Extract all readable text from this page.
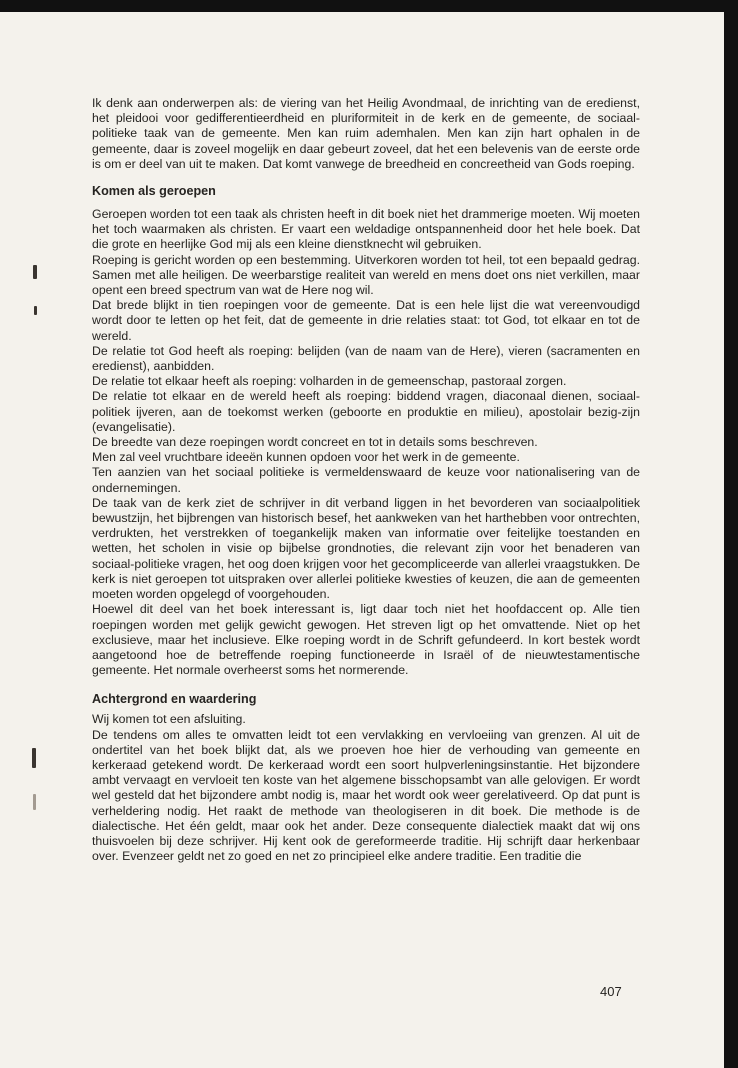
Ik denk aan onderwerpen als: de viering van het Heilig Avondmaal, de inrichting van de eredienst, het pleidooi voor gedifferentieerdheid en pluriformiteit in de kerk en de gemeente, de sociaal-politieke taak van de gemeente. Men kan ruim ademhalen. Men kan zijn hart ophalen in de gemeente, daar is zoveel mogelijk en daar gebeurt zoveel, dat het een belevenis van de eerste orde is om er deel van uit te maken. Dat komt vanwege de breedheid en concreetheid van Gods roeping.

Komen als geroepen

Geroepen worden tot een taak als christen heeft in dit boek niet het drammerige moeten. Wij moeten het toch waarmaken als christen. Er vaart een weldadige ontspannenheid door het hele boek. Dat die grote en heerlijke God mij als een kleine dienstknecht wil gebruiken.

Roeping is gericht worden op een bestemming. Uitverkoren worden tot heil, tot een bepaald gedrag. Samen met alle heiligen. De weerbarstige realiteit van wereld en mens doet ons niet verkillen, maar opent een breed spectrum van wat de Here nog wil.

Dat brede blijkt in tien roepingen voor de gemeente. Dat is een hele lijst die wat vereenvoudigd wordt door te letten op het feit, dat de gemeente in drie relaties staat: tot God, tot elkaar en tot de wereld.

De relatie tot God heeft als roeping: belijden (van de naam van de Here), vieren (sacramenten en eredienst), aanbidden.

De relatie tot elkaar heeft als roeping: volharden in de gemeenschap, pastoraal zorgen.

De relatie tot elkaar en de wereld heeft als roeping: biddend vragen, diaconaal dienen, sociaal-politiek ijveren, aan de toekomst werken (geboorte en produktie en milieu), apostolair bezig-zijn (evangelisatie).

De breedte van deze roepingen wordt concreet en tot in details soms beschreven.

Men zal veel vruchtbare ideeën kunnen opdoen voor het werk in de gemeente.

Ten aanzien van het sociaal politieke is vermeldenswaard de keuze voor nationalisering van de ondernemingen.

De taak van de kerk ziet de schrijver in dit verband liggen in het bevorderen van sociaalpolitiek bewustzijn, het bijbrengen van historisch besef, het aankweken van het harthebben voor ontrechten, verdrukten, het verstrekken of toegankelijk maken van informatie over feitelijke toestanden en wetten, het scholen in visie op bijbelse grondnoties, die relevant zijn voor het benaderen van sociaal-politieke vragen, het oog doen krijgen voor het gecompliceerde van allerlei vraagstukken. De kerk is niet geroepen tot uitspraken over allerlei politieke kwesties of keuzen, die aan de gemeenten moeten worden opgelegd of voorgehouden.

Hoewel dit deel van het boek interessant is, ligt daar toch niet het hoofdaccent op. Alle tien roepingen worden met gelijk gewicht gewogen. Het streven ligt op het omvattende. Niet op het exclusieve, maar het inclusieve. Elke roeping wordt in de Schrift gefundeerd. In kort bestek wordt aangetoond hoe de betreffende roeping functioneerde in Israël of de nieuwtestamentische gemeente. Het normale overheerst soms het normerende.

Achtergrond en waardering

Wij komen tot een afsluiting.

De tendens om alles te omvatten leidt tot een vervlakking en vervloeiing van grenzen. Al uit de ondertitel van het boek blijkt dat, als we proeven hoe hier de verhouding van gemeente en kerkeraad getekend wordt. De kerkeraad wordt een soort hulpverleningsinstantie. Het bijzondere ambt vervaagt en vervloeit ten koste van het algemene bisschopsambt van alle gelovigen. Er wordt wel gesteld dat het bijzondere ambt nodig is, maar het wordt ook weer gerelativeerd. Op dat punt is verheldering nodig. Het raakt de methode van theologiseren in dit boek. Die methode is de dialectische. Het één geldt, maar ook het ander. Deze consequente dialectiek maakt dat wij ons thuisvoelen bij deze schrijver. Hij kent ook de gereformeerde traditie. Hij schrijft daar herkenbaar over. Evenzeer geldt net zo goed en net zo principieel elke andere traditie. Een traditie die

407
